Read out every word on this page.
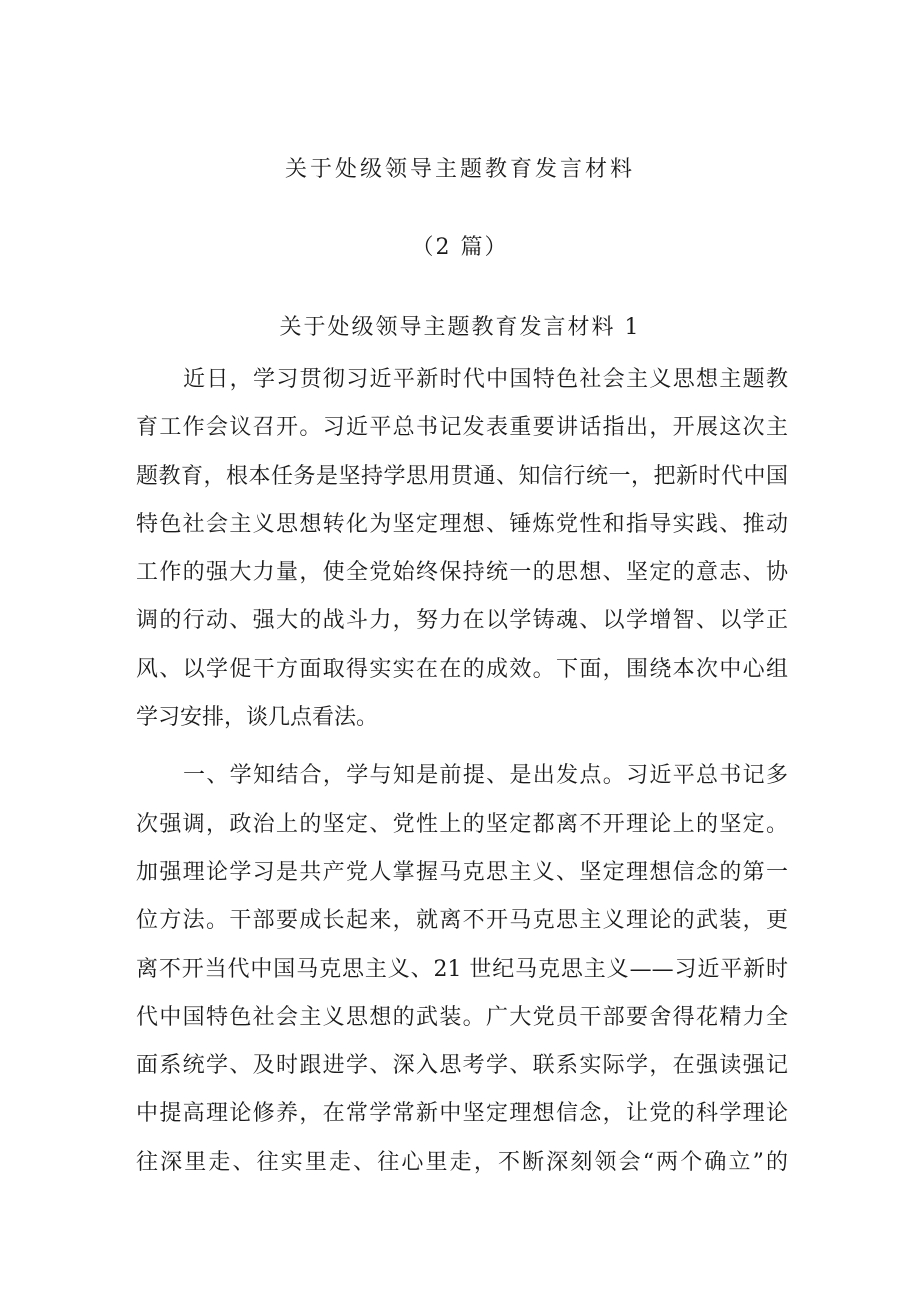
关于处级领导主题教育发言材料
（2 篇）
关于处级领导主题教育发言材料 1
近日，学习贯彻习近平新时代中国特色社会主义思想主题教
育工作会议召开。习近平总书记发表重要讲话指出，开展这次主
题教育，根本任务是坚持学思用贯通、知信行统一，把新时代中国
特色社会主义思想转化为坚定理想、锤炼党性和指导实践、推动
工作的强大力量，使全党始终保持统一的思想、坚定的意志、协
调的行动、强大的战斗力，努力在以学铸魂、以学增智、以学正
风、以学促干方面取得实实在在的成效。下面，围绕本次中心组
学习安排，谈几点看法。
一、学知结合，学与知是前提、是出发点。习近平总书记多
次强调，政治上的坚定、党性上的坚定都离不开理论上的坚定。
加强理论学习是共产党人掌握马克思主义、坚定理想信念的第一
位方法。干部要成长起来，就离不开马克思主义理论的武装，更
离不开当代中国马克思主义、21 世纪马克思主义——习近平新时
代中国特色社会主义思想的武装。广大党员干部要舍得花精力全
面系统学、及时跟进学、深入思考学、联系实际学，在强读强记
中提高理论修养，在常学常新中坚定理想信念，让党的科学理论
往深里走、往实里走、往心里走，不断深刻领会“两个确立”的
